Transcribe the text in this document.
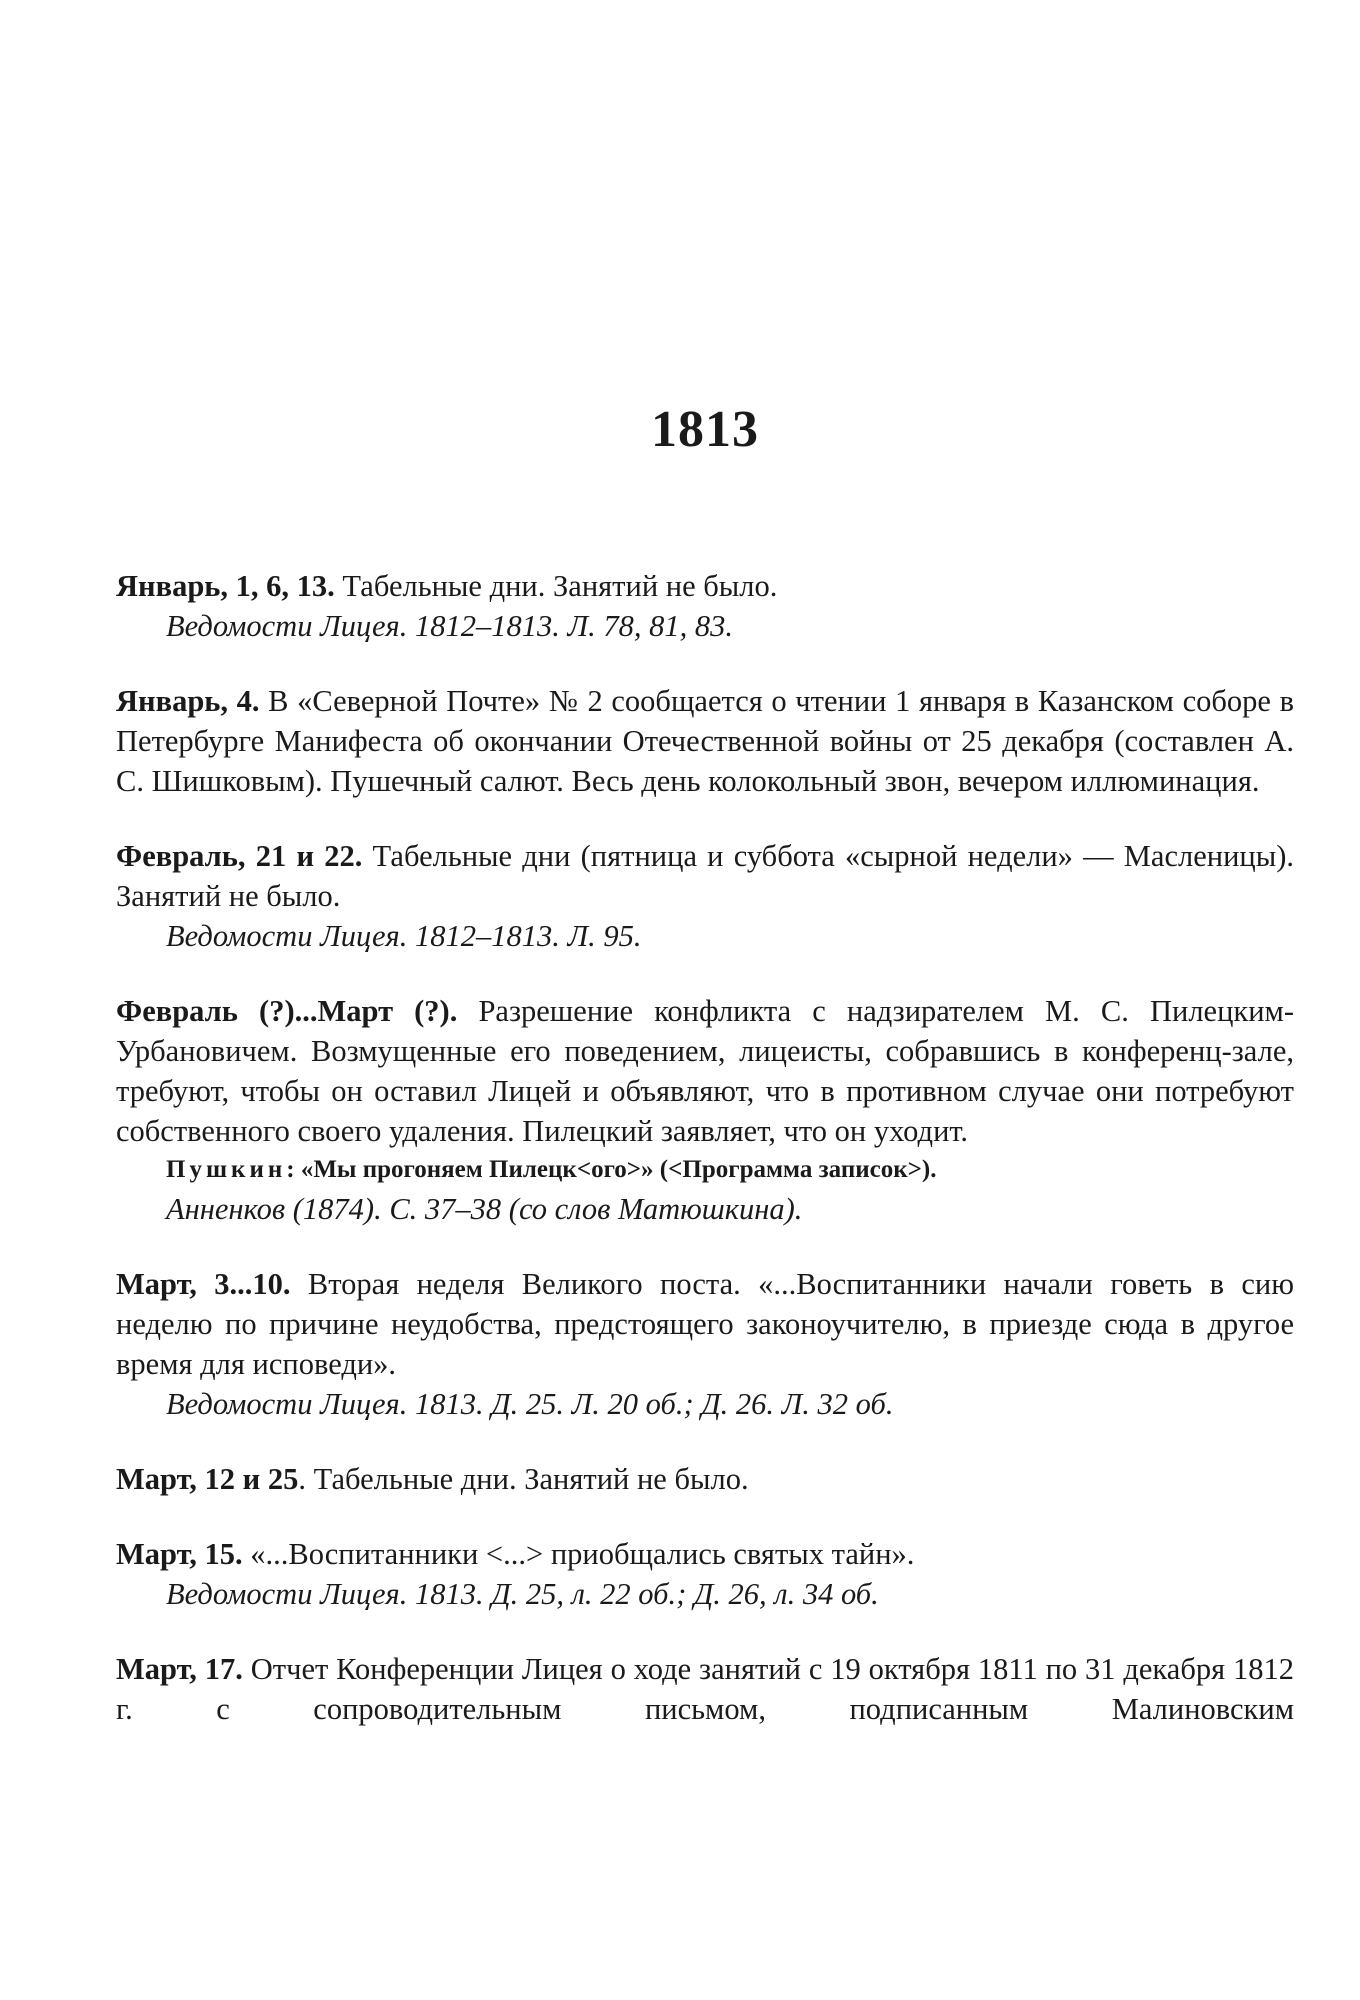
1813

Январь, 1, 6, 13. Табельные дни. Занятий не было.

Ведомости Лицея. 1812–1813. Л. 78, 81, 83.

Январь, 4. В «Северной Почте» № 2 сообщается о чтении 1 января в Казанском соборе в Петербурге Манифеста об окончании Отечественной войны от 25 декабря (составлен А. С. Шишковым). Пушечный салют. Весь день колокольный звон, вечером иллюминация.

Февраль, 21 и 22. Табельные дни (пятница и суббота «сырной недели» — Масленицы). Занятий не было.

Ведомости Лицея. 1812–1813. Л. 95.

Февраль (?)...Март (?). Разрешение конфликта с надзирателем М. С. Пилецким-Урбановичем. Возмущенные его поведением, лицеисты, собравшись в конференц-зале, требуют, чтобы он оставил Лицей и объявляют, что в противном случае они потребуют собственного своего удаления. Пилецкий заявляет, что он уходит.

Пушкин: «Мы прогоняем Пилецк<ого>» (<Программа записок>).

Анненков (1874). С. 37–38 (со слов Матюшкина).

Март, 3...10. Вторая неделя Великого поста. «...Воспитанники начали говеть в сию неделю по причине неудобства, предстоящего законоучителю, в приезде сюда в другое время для исповеди».

Ведомости Лицея. 1813. Д. 25. Л. 20 об.; Д. 26. Л. 32 об.

Март, 12 и 25. Табельные дни. Занятий не было.

Март, 15. «...Воспитанники <...> приобщались святых тайн».

Ведомости Лицея. 1813. Д. 25, л. 22 об.; Д. 26, л. 34 об.

Март, 17. Отчет Конференции Лицея о ходе занятий с 19 октября 1811 по 31 декабря 1812 г. с сопроводительным письмом, подписанным Малиновским
